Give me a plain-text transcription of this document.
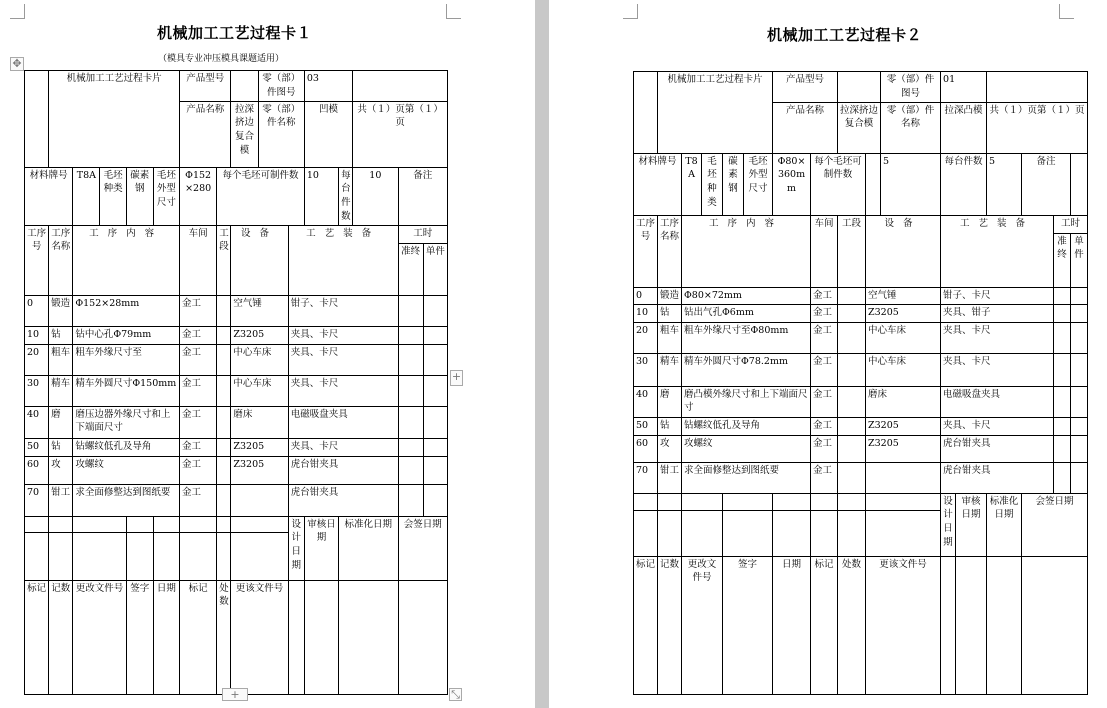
机械加工工艺过程卡１
（模具专业冲压模具课题适用）
✥
	机械加工工艺过程卡片					产品型号			零（部）件图号		03				
						产品名称		拉深挤边复合模	零（部）件名称		凹模		共（１）页第（１）页		
材料牌号		T8A	毛坯种类	碳素钢	毛坯外型尺寸	Φ152×280	每个毛坯可制件数				10	每台件数	10	备注	
工序号	工序名称	工序内容				车间	工段	设备		工艺装备				工时	
														准终	单件
0	锻造	Φ152×28mm				金工		空气锤		钳子、卡尺					
10	钻	钻中心孔Φ79mm				金工		Z3205		夹具、卡尺					
20	粗车	粗车外缘尺寸至				金工		中心车床		夹具、卡尺					
30	精车	精车外圆尺寸Φ150mm				金工		中心车床		夹具、卡尺					
40	磨	磨压边器外缘尺寸和上下端面尺寸				金工		磨床		电磁吸盘夹具					
50	钻	钻螺纹低孔及导角				金工		Z3205		夹具、卡尺					
60	攻	攻螺纹				金工		Z3205		虎台钳夹具					
70	钳工	求全面修整达到图纸要				金工				虎台钳夹具					
										设计日期	审核日期	标准化日期		会签日期	

标记	记数	更改文件号		签字	日期	标记	处数	更该文件号							
+
+	⤡
机械加工工艺过程卡２
	机械加工工艺过程卡片					产品型号				零（部）件图号	01					
						产品名称		拉深挤边复合模		零（部）件名称	拉深凸模		共（１）页第（１）页			
材料牌号		T8A	毛坯种类	碳素钢	毛坯外型尺寸	Φ80×360mm	每个毛坯可制件数			5	每台件数		5	备注		
工序号	工序名称	工序内容					车间	工段	设备		工艺装备				工时	
															准终	单件
0	锻造	Φ80×72mm					金工		空气锤		钳子、卡尺					
10	钻	钻出气孔Φ6mm					金工		Z3205		夹具、钳子					
20	粗车	粗车外缘尺寸至Φ80mm					金工		中心车床		夹具、卡尺					
30	精车	精车外圆尺寸Φ78.2mm					金工		中心车床		夹具、卡尺					
40	磨	磨凸模外缘尺寸和上下端面尺寸					金工		磨床		电磁吸盘夹具					
50	钻	钻螺纹低孔及导角					金工		Z3205		夹具、卡尺					
60	攻	攻螺纹					金工		Z3205		虎台钳夹具					
70	钳工	求全面修整达到图纸要					金工				虎台钳夹具					
											设计日期	审核日期	标准化日期	会签日期		

标记	记数	更改文件号		签字		日期	标记	处数	更该文件号							
